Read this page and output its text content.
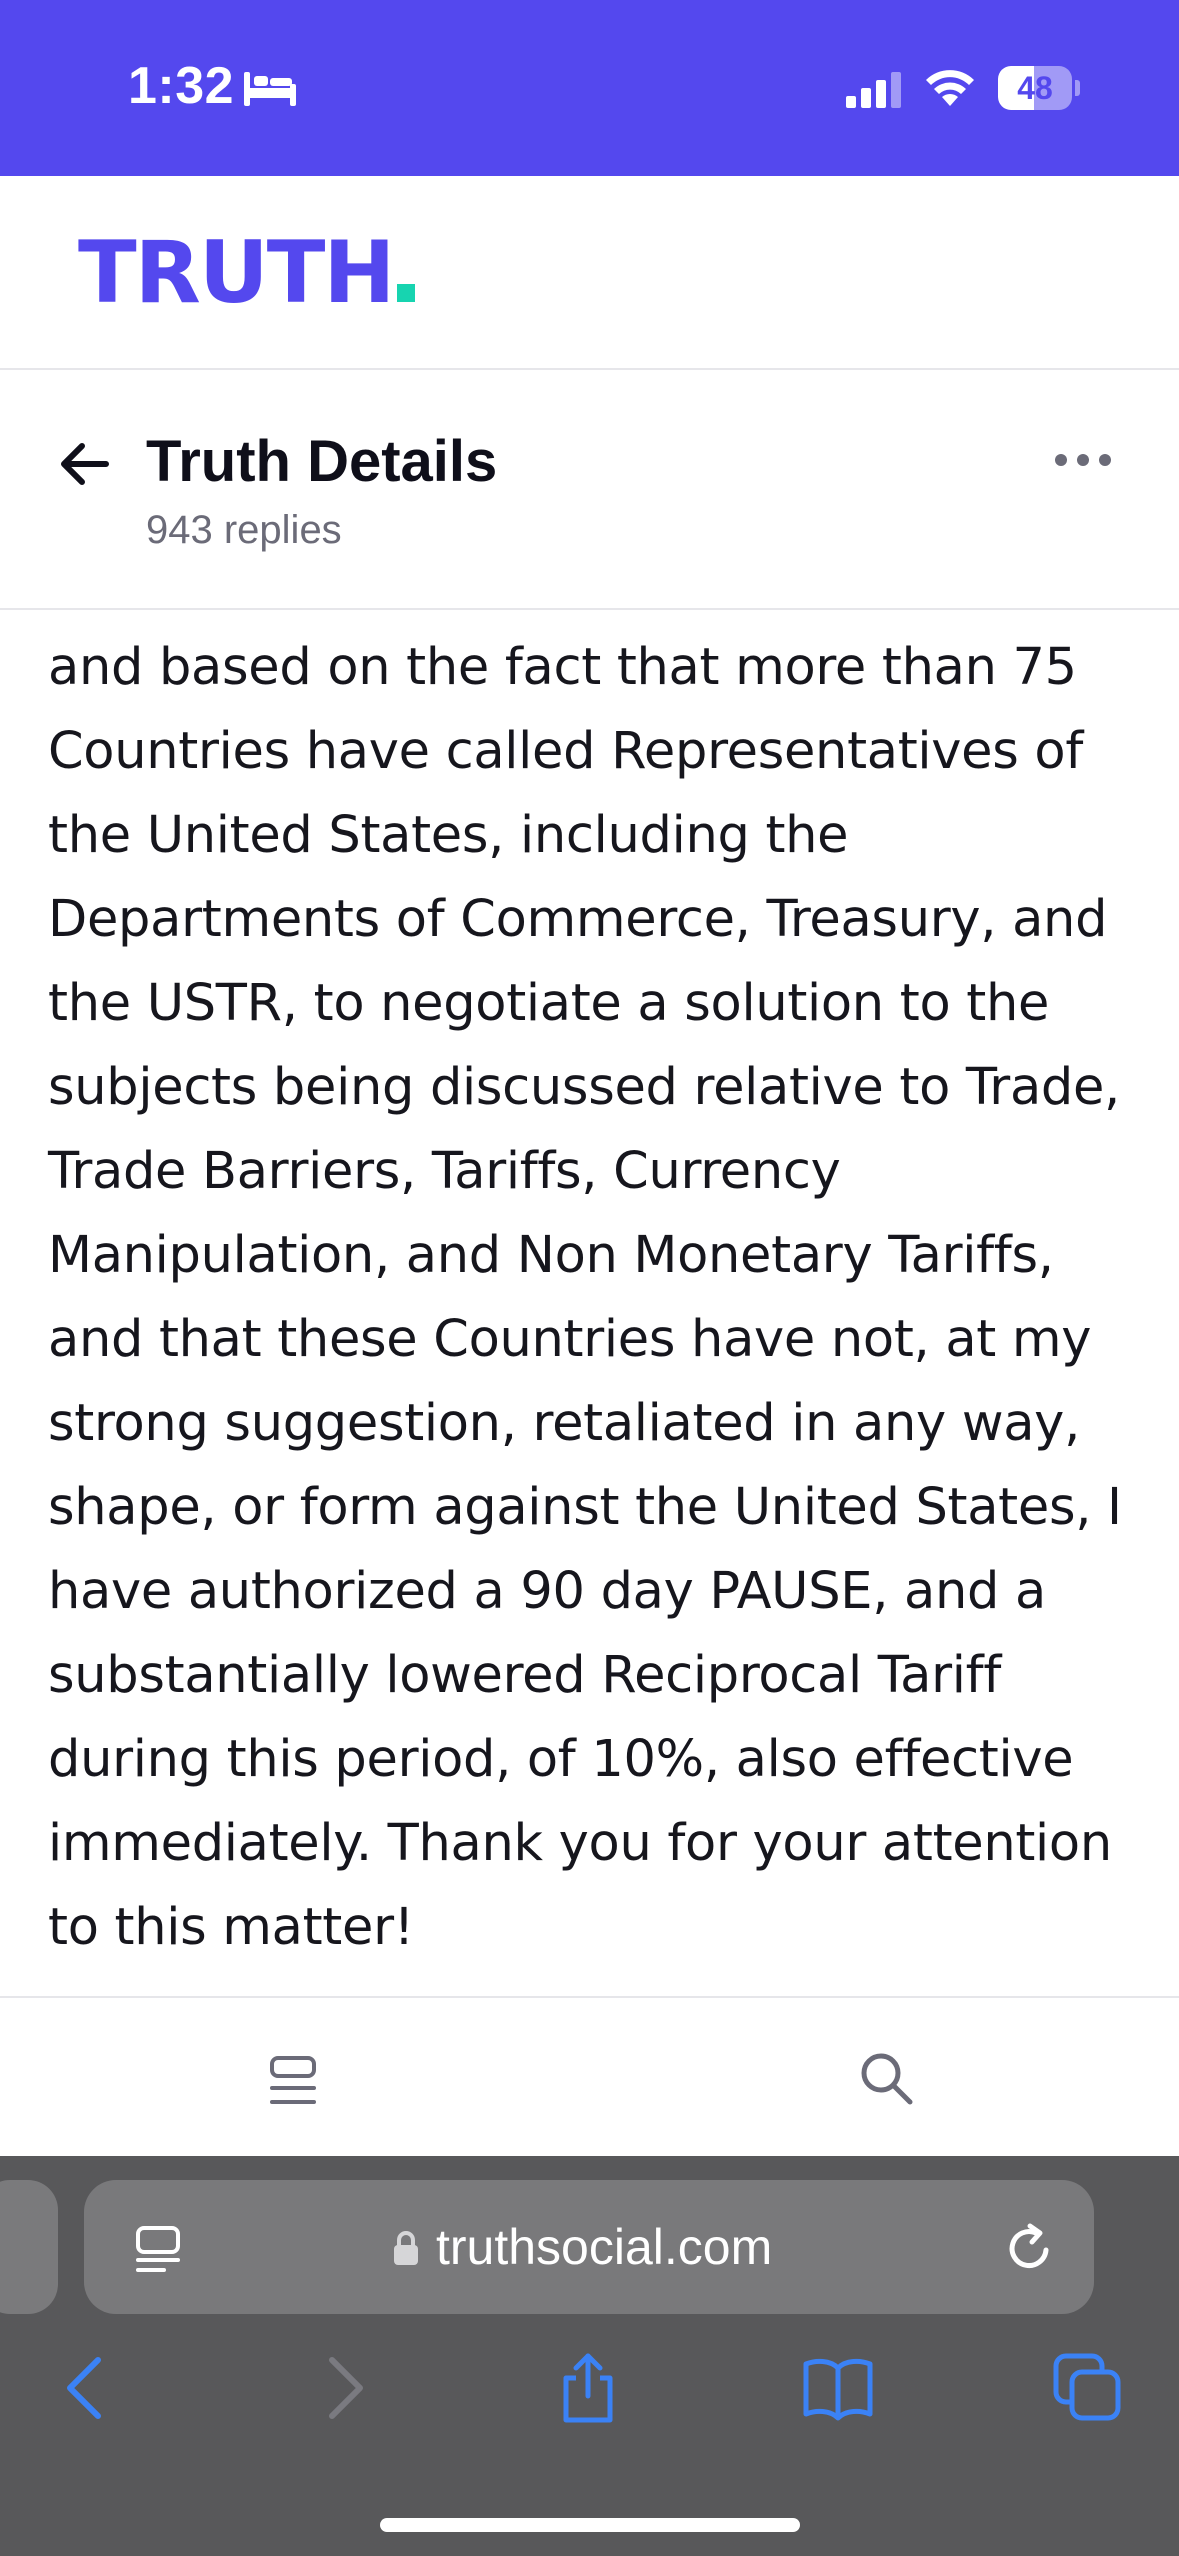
1:32	48
TRUTH
Truth Details
943 replies
and based on the fact that more than 75 Countries have called Representatives of the United States, including the Departments of Commerce, Treasury, and the USTR, to negotiate a solution to the subjects being discussed relative to Trade, Trade Barriers, Tariffs, Currency Manipulation, and Non Monetary Tariffs, and that these Countries have not, at my strong suggestion, retaliated in any way, shape, or form against the United States, I have authorized a 90 day PAUSE, and a substantially lowered Reciprocal Tariff during this period, of 10%, also effective immediately. Thank you for your attention to this matter!
truthsocial.com
